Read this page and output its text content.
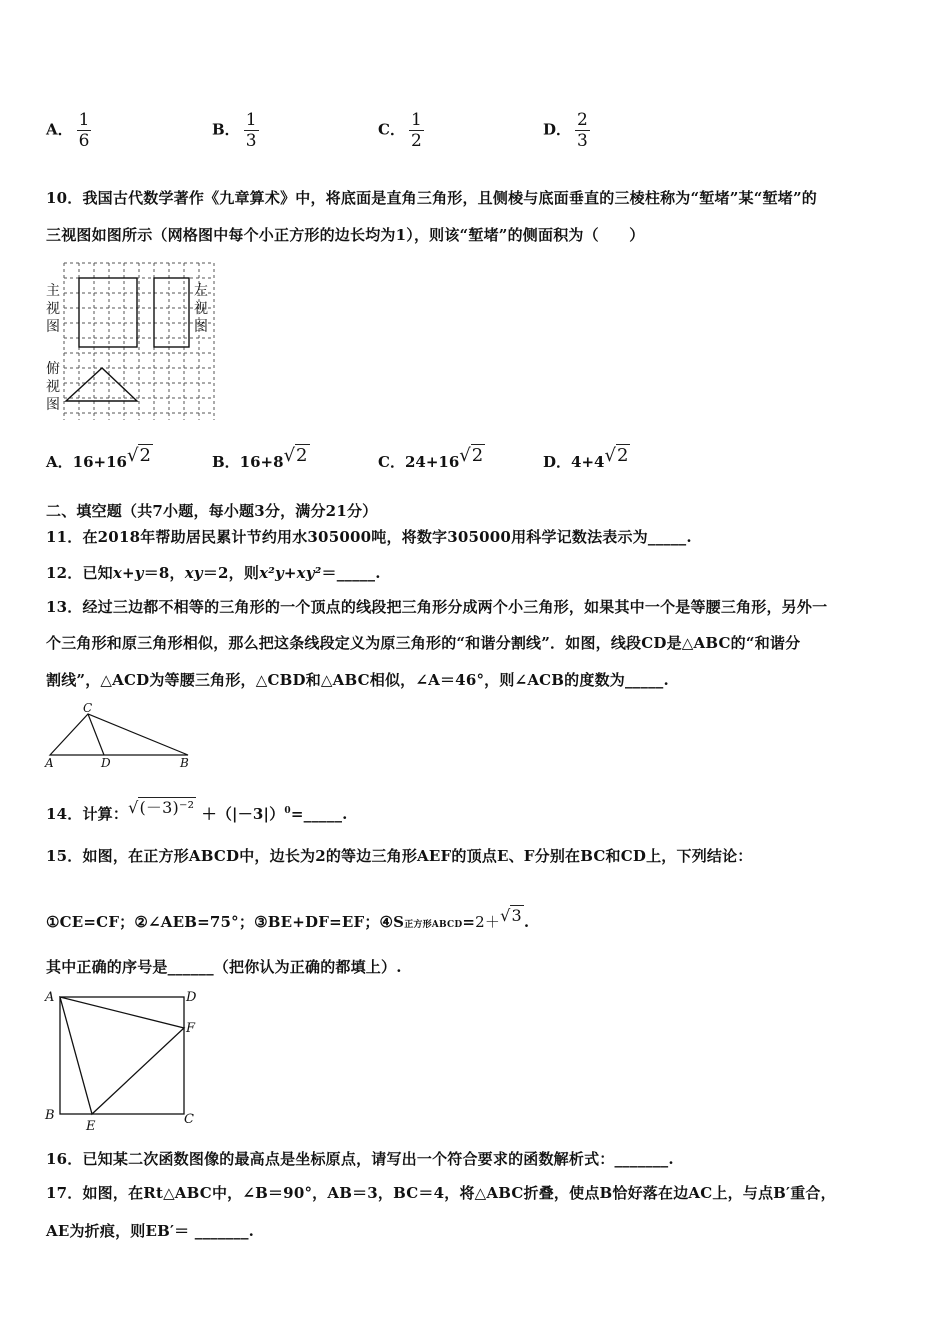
A． $\frac{1}{6}$	B． $\frac{1}{3}$	C． $\frac{1}{2}$	D． $\frac{2}{3}$
10．我国古代数学著作《九章算术》中，将底面是直角三角形，且侧棱与底面垂直的三棱柱称为“堑堵”某“堑堵”的
三视图如图所示（网格图中每个小正方形的边长均为1），则该“堑堵”的侧面积为（　　）
主
视
图
左
视
图
俯
视
图
A．16+16√2	B．16+8√2	C．24+16√2	D．4+4√2
二、填空题（共7小题，每小题3分，满分21分）
11．在2018年帮助居民累计节约用水305000吨，将数字305000用科学记数法表示为_____.
12．已知x+y＝8，xy＝2，则x²y+xy²＝_____.
13．经过三边都不相等的三角形的一个顶点的线段把三角形分成两个小三角形，如果其中一个是等腰三角形，另外一
个三角形和原三角形相似，那么把这条线段定义为原三角形的“和谐分割线”．如图，线段CD是△ABC的“和谐分
割线”，△ACD为等腰三角形，△CBD和△ABC相似，∠A＝46°，则∠ACB的度数为_____.
C
A	D	B
14．计算：$√(-3)^{-2} +(|-3|)^0=\_\_\_\_\_$.
15．如图，在正方形ABCD中，边长为2的等边三角形AEF的顶点E、F分别在BC和CD上，下列结论：
①CE=CF；②∠AEB=75°；③BE+DF=EF；④S正方形ABCD=2＋√3 .
其中正确的序号是______（把你认为正确的都填上）.
A	D
F
B
E	C
16．已知某二次函数图像的最高点是坐标原点，请写出一个符合要求的函数解析式：_______.
17．如图，在Rt△ABC中，∠B＝90°，AB＝3，BC＝4，将△ABC折叠，使点B恰好落在边AC上，与点B′重合，
AE为折痕，则EB′＝ _______.
